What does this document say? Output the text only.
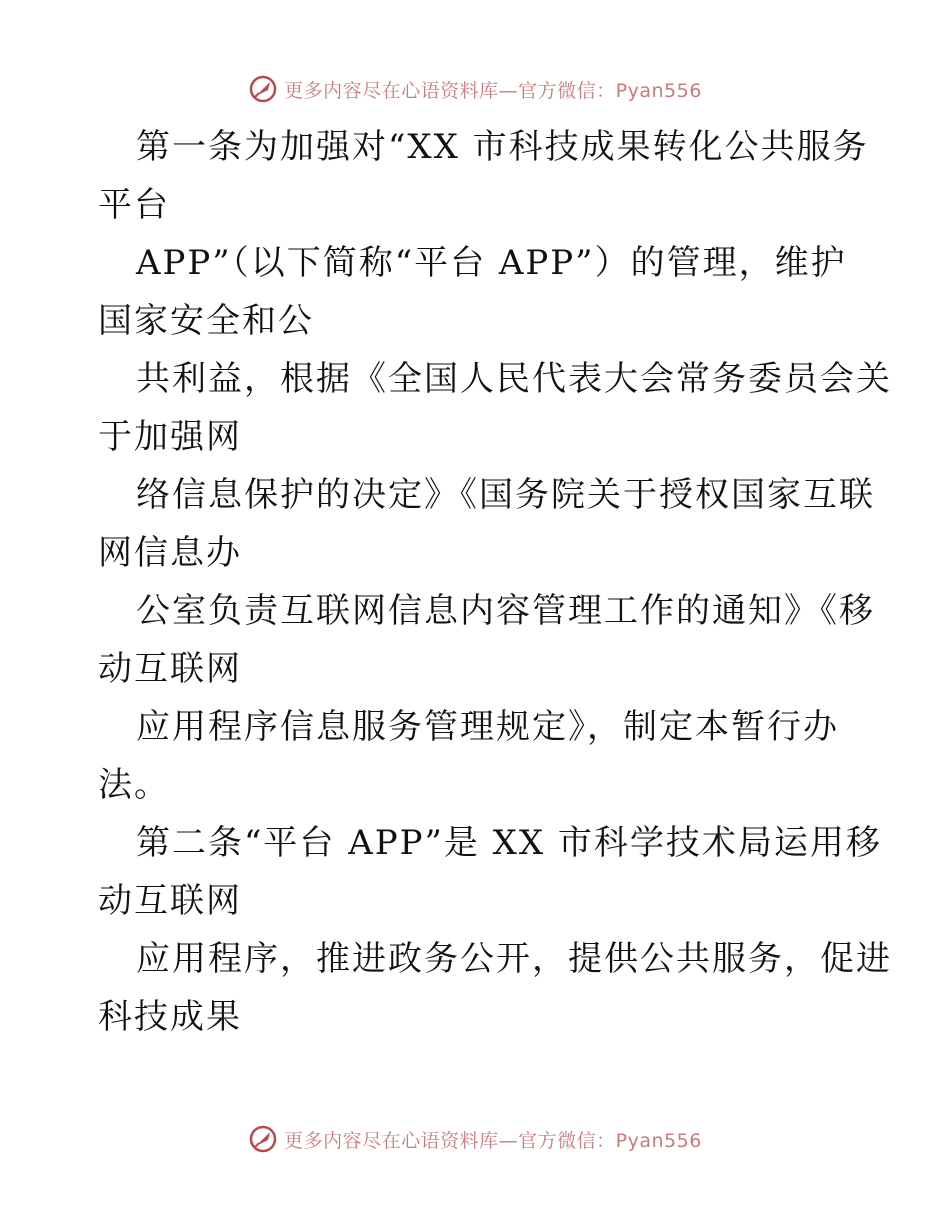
更多内容尽在心语资料库—官方微信：Pyan556
第一条为加强对“XX 市科技成果转化公共服务
平台
APP”（以下简称“平台 APP”）的管理，维护
国家安全和公
共利益，根据《全国人民代表大会常务委员会关
于加强网
络信息保护的决定》《国务院关于授权国家互联
网信息办
公室负责互联网信息内容管理工作的通知》《移
动互联网
应用程序信息服务管理规定》，制定本暂行办
法。
第二条“平台 APP”是 XX 市科学技术局运用移
动互联网
应用程序，推进政务公开，提供公共服务，促进
科技成果
更多内容尽在心语资料库—官方微信：Pyan556
